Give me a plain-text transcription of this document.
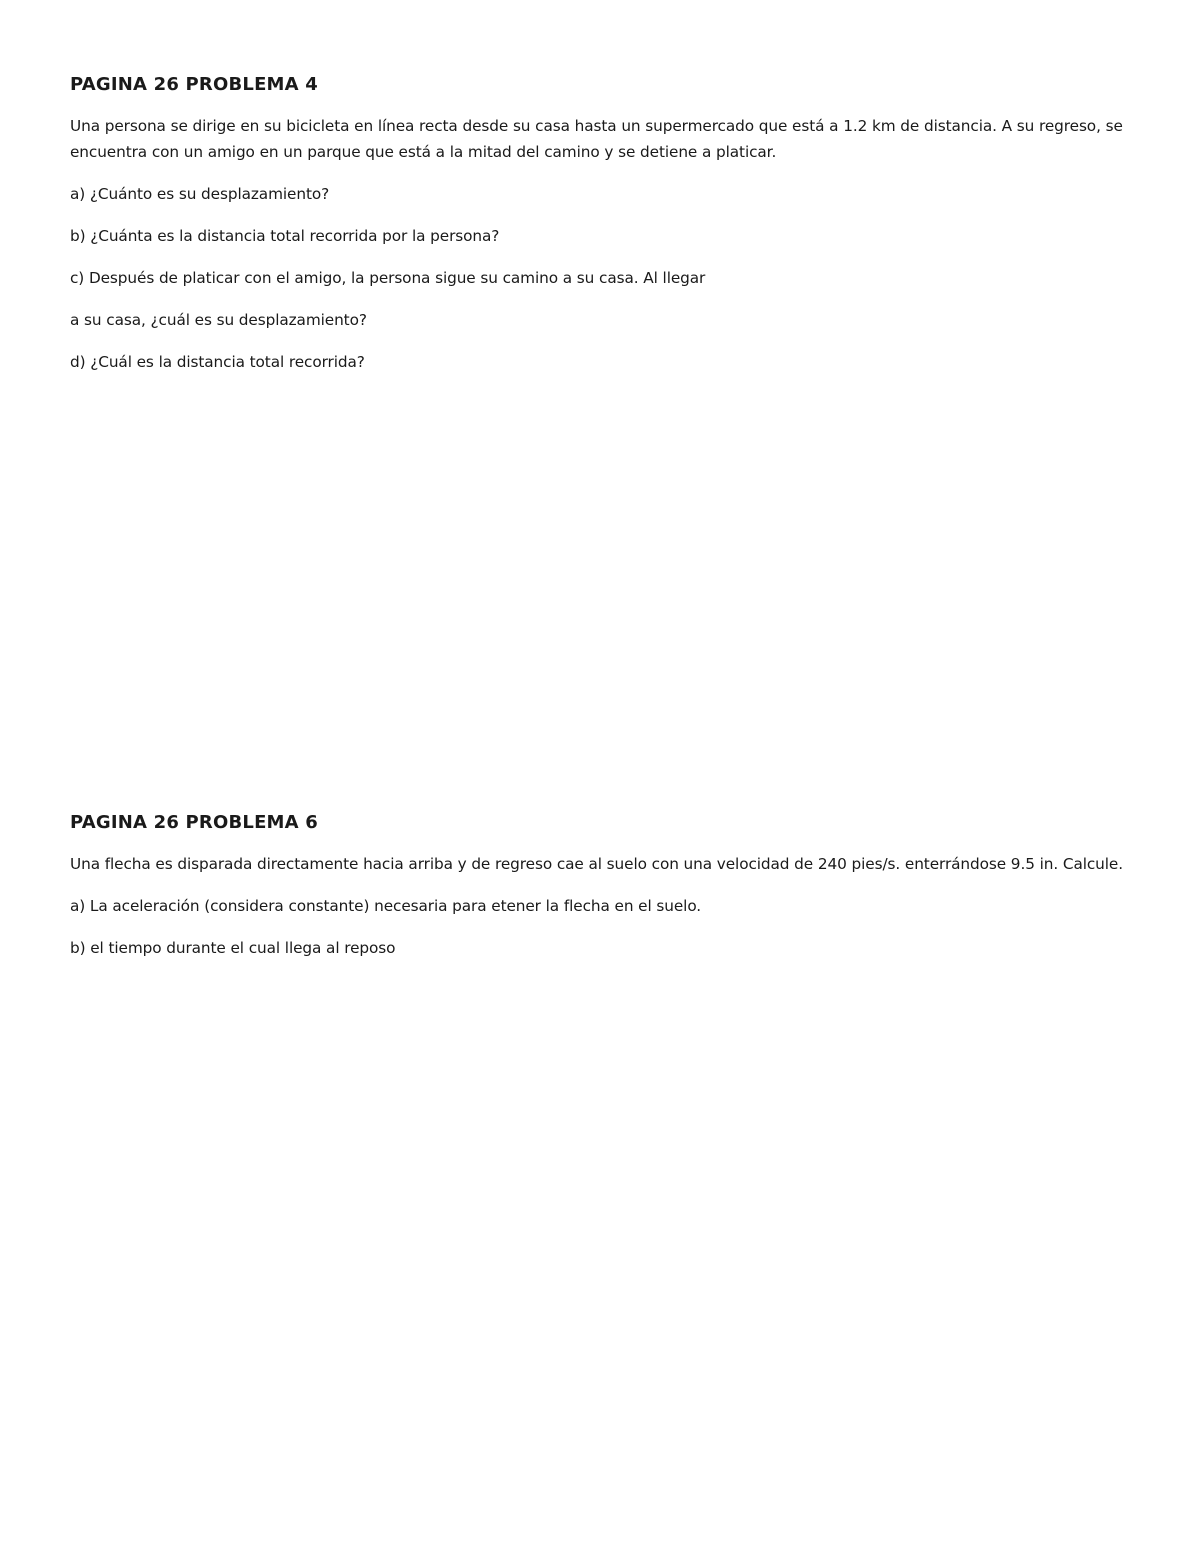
PAGINA 26 PROBLEMA 4

Una persona se dirige en su bicicleta en línea recta desde su casa hasta un supermercado que está a 1.2 km de distancia. A su regreso, se encuentra con un amigo en un parque que está a la mitad del camino y se detiene a platicar.

a) ¿Cuánto es su desplazamiento?

b) ¿Cuánta es la distancia total recorrida por la persona?

c) Después de platicar con el amigo, la persona sigue su camino a su casa. Al llegar

a su casa, ¿cuál es su desplazamiento?

d) ¿Cuál es la distancia total recorrida?

PAGINA 26 PROBLEMA 6

Una flecha es disparada directamente hacia arriba y de regreso cae al suelo con una velocidad de 240 pies/s. enterrándose 9.5 in. Calcule.

a) La aceleración (considera constante) necesaria para etener la flecha en el suelo.

b) el tiempo durante el cual llega al reposo
